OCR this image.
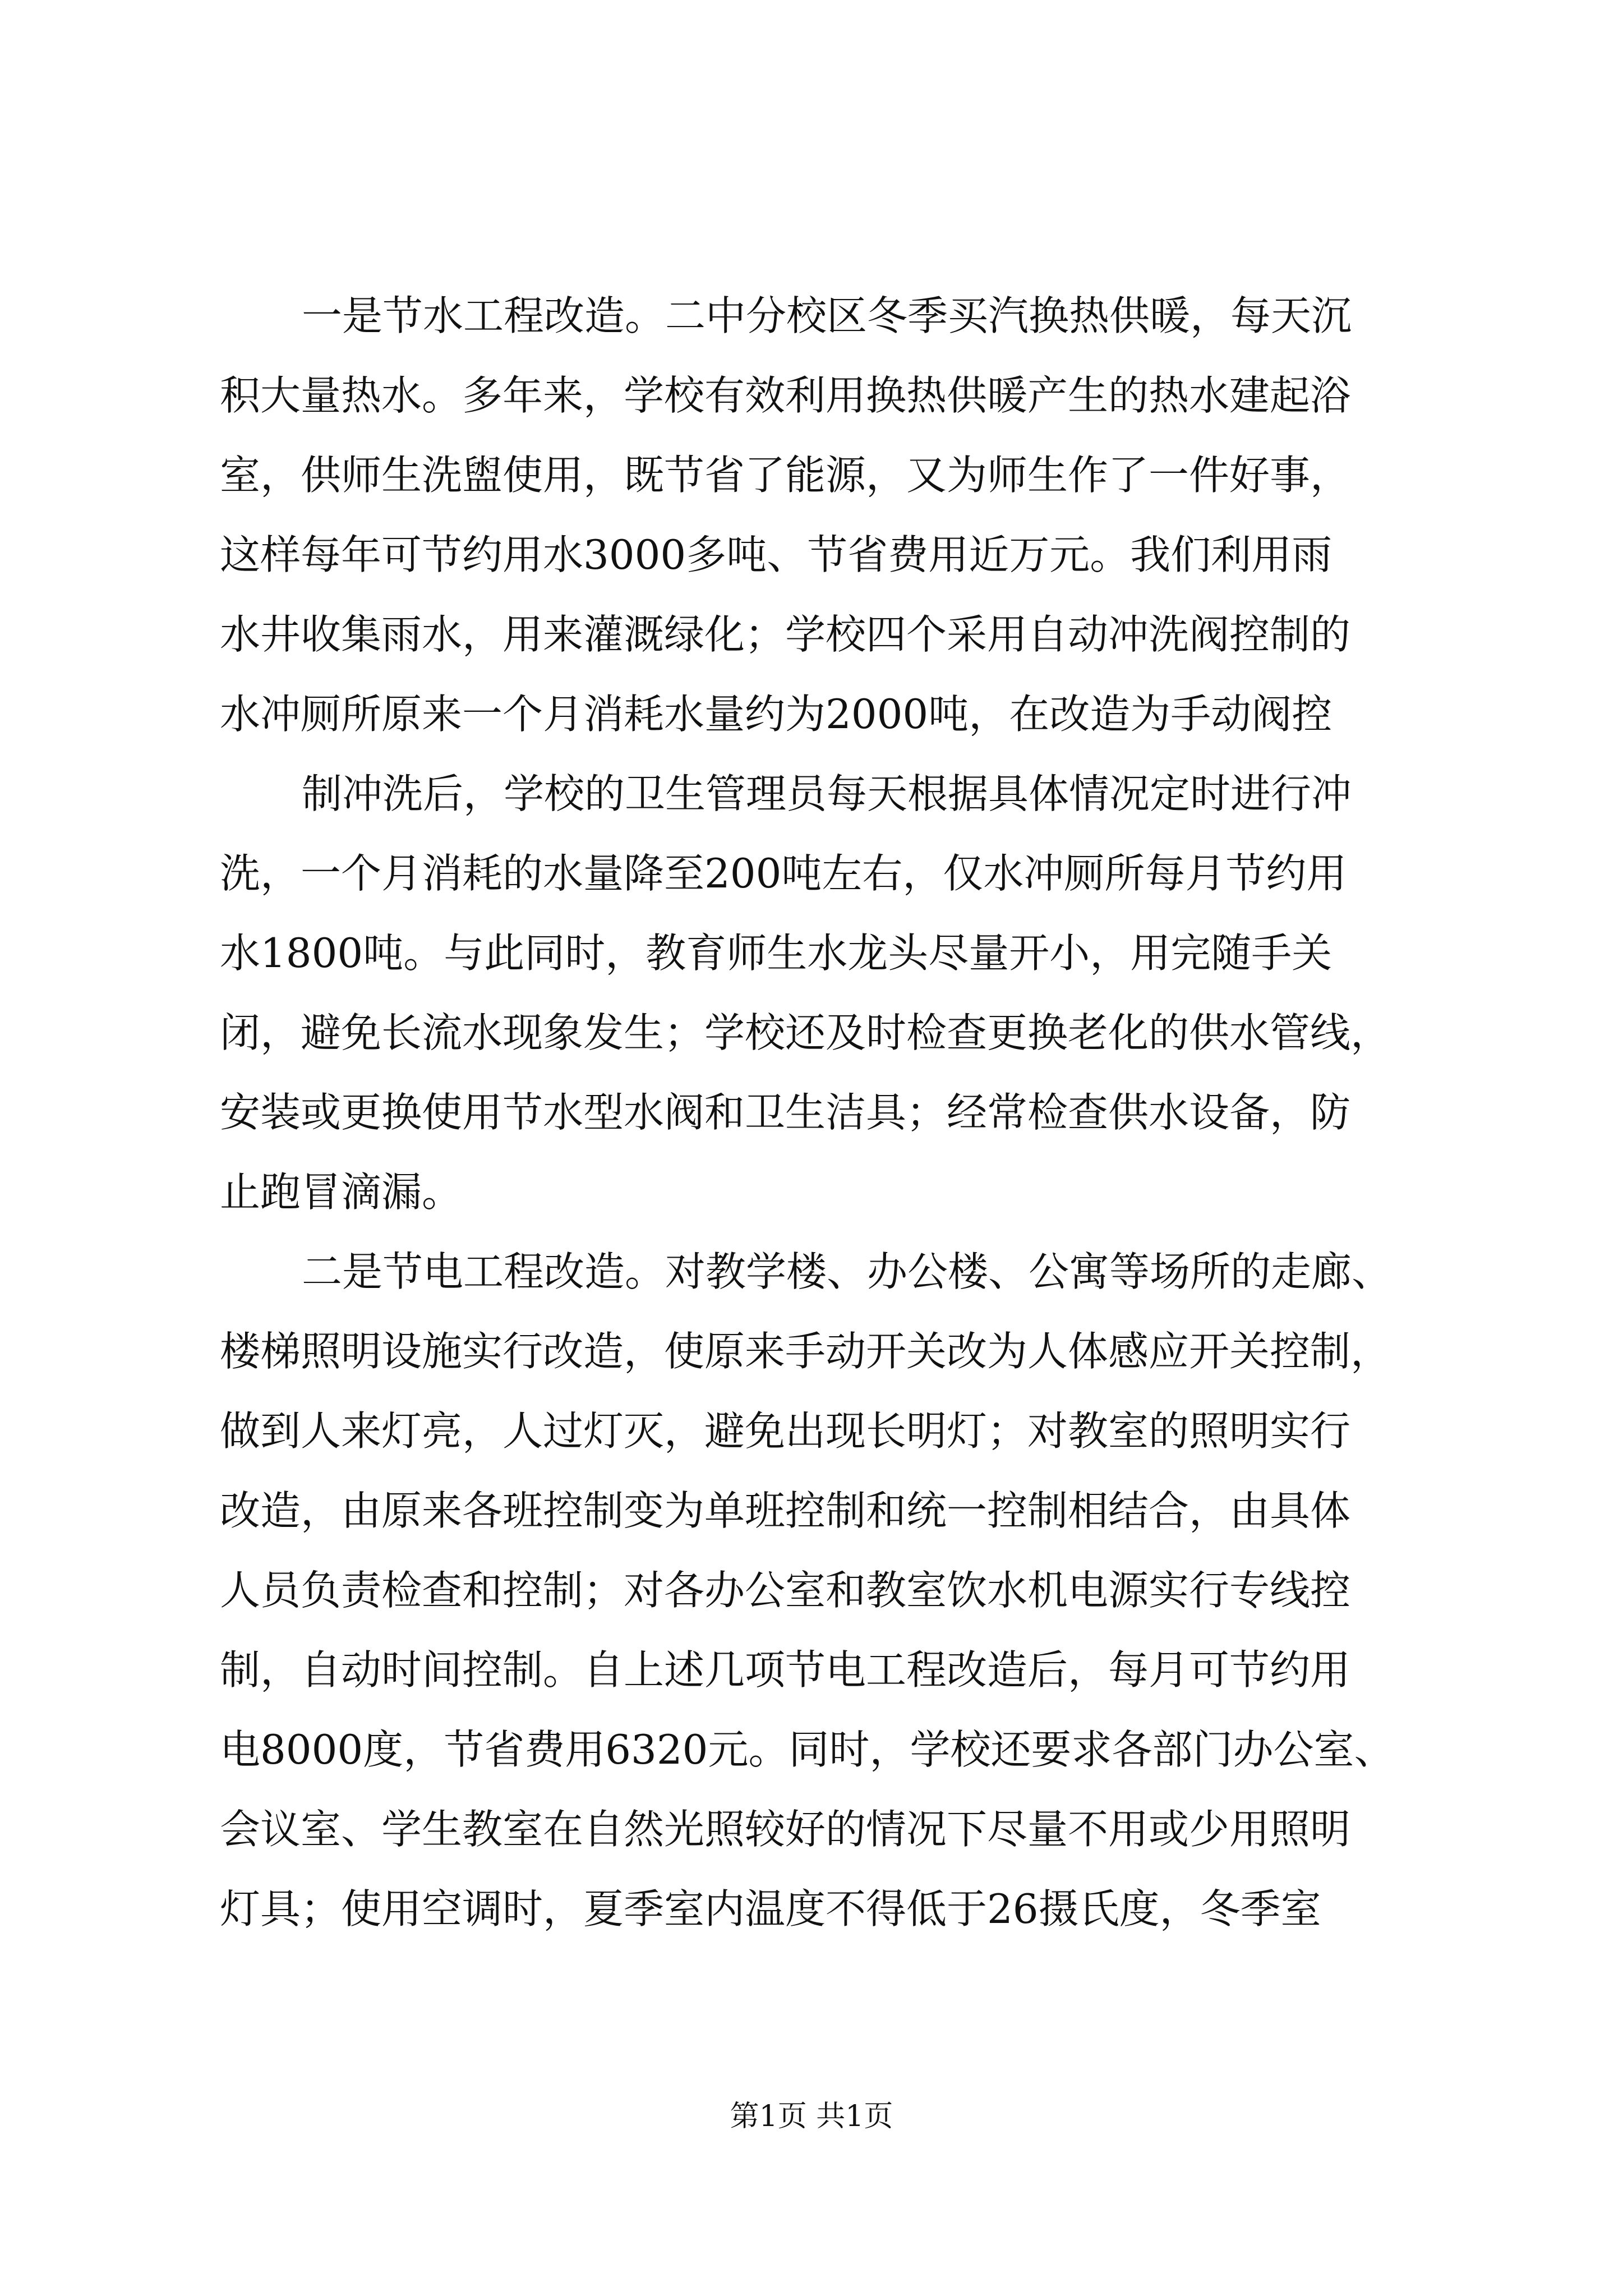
一是节水工程改造。二中分校区冬季买汽换热供暖，每天沉
积大量热水。多年来，学校有效利用换热供暖产生的热水建起浴
室，供师生洗盥使用，既节省了能源，又为师生作了一件好事，
这样每年可节约用水3000多吨、节省费用近万元。我们利用雨
水井收集雨水，用来灌溉绿化；学校四个采用自动冲洗阀控制的
水冲厕所原来一个月消耗水量约为2000吨，在改造为手动阀控
制冲洗后，学校的卫生管理员每天根据具体情况定时进行冲
洗，一个月消耗的水量降至200吨左右，仅水冲厕所每月节约用
水1800吨。与此同时，教育师生水龙头尽量开小，用完随手关
闭，避免长流水现象发生；学校还及时检查更换老化的供水管线，
安装或更换使用节水型水阀和卫生洁具；经常检查供水设备，防
止跑冒滴漏。
二是节电工程改造。对教学楼、办公楼、公寓等场所的走廊、
楼梯照明设施实行改造，使原来手动开关改为人体感应开关控制，
做到人来灯亮，人过灯灭，避免出现长明灯；对教室的照明实行
改造，由原来各班控制变为单班控制和统一控制相结合，由具体
人员负责检查和控制；对各办公室和教室饮水机电源实行专线控
制，自动时间控制。自上述几项节电工程改造后，每月可节约用
电8000度，节省费用6320元。同时，学校还要求各部门办公室、
会议室、学生教室在自然光照较好的情况下尽量不用或少用照明
灯具；使用空调时，夏季室内温度不得低于26摄氏度，冬季室
第1页 共1页
